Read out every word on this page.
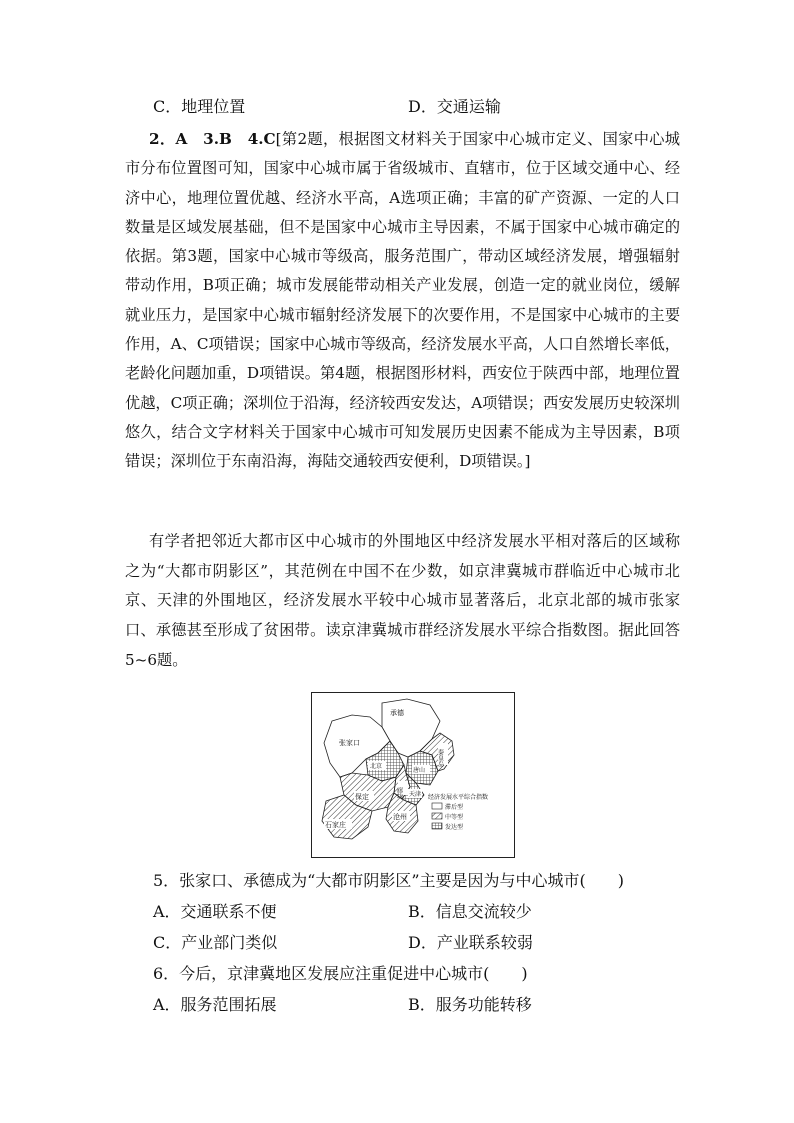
C．地理位置	D．交通运输
2．A　3.B　4.C[第2题，根据图文材料关于国家中心城市定义、国家中心城市分布位置图可知，国家中心城市属于省级城市、直辖市，位于区域交通中心、经济中心，地理位置优越、经济水平高，A选项正确；丰富的矿产资源、一定的人口数量是区域发展基础，但不是国家中心城市主导因素，不属于国家中心城市确定的依据。第3题，国家中心城市等级高，服务范围广，带动区域经济发展，增强辐射带动作用，B项正确；城市发展能带动相关产业发展，创造一定的就业岗位，缓解就业压力，是国家中心城市辐射经济发展下的次要作用，不是国家中心城市的主要作用，A、C项错误；国家中心城市等级高，经济发展水平高，人口自然增长率低，老龄化问题加重，D项错误。第4题，根据图形材料，西安位于陕西中部，地理位置优越，C项正确；深圳位于沿海，经济较西安发达，A项错误；西安发展历史较深圳悠久，结合文字材料关于国家中心城市可知发展历史因素不能成为主导因素，B项错误；深圳位于东南沿海，海陆交通较西安便利，D项错误。]
有学者把邻近大都市区中心城市的外围地区中经济发展水平相对落后的区域称之为“大都市阴影区”，其范例在中国不在少数，如京津冀城市群临近中心城市北京、天津的外围地区，经济发展水平较中心城市显著落后，北京北部的城市张家口、承德甚至形成了贫困带。读京津冀城市群经济发展水平综合指数图。据此回答5~6题。
承德
张家口
北京
唐山
秦皇岛
廊坊 天津
保定
沧州
石家庄
经济发展水平综合指数
滞后型
中等型
发达型
5．张家口、承德成为“大都市阴影区”主要是因为与中心城市(　　)
A．交通联系不便	B．信息交流较少
C．产业部门类似	D．产业联系较弱
6．今后，京津冀地区发展应注重促进中心城市(　　)
A．服务范围拓展	B．服务功能转移
